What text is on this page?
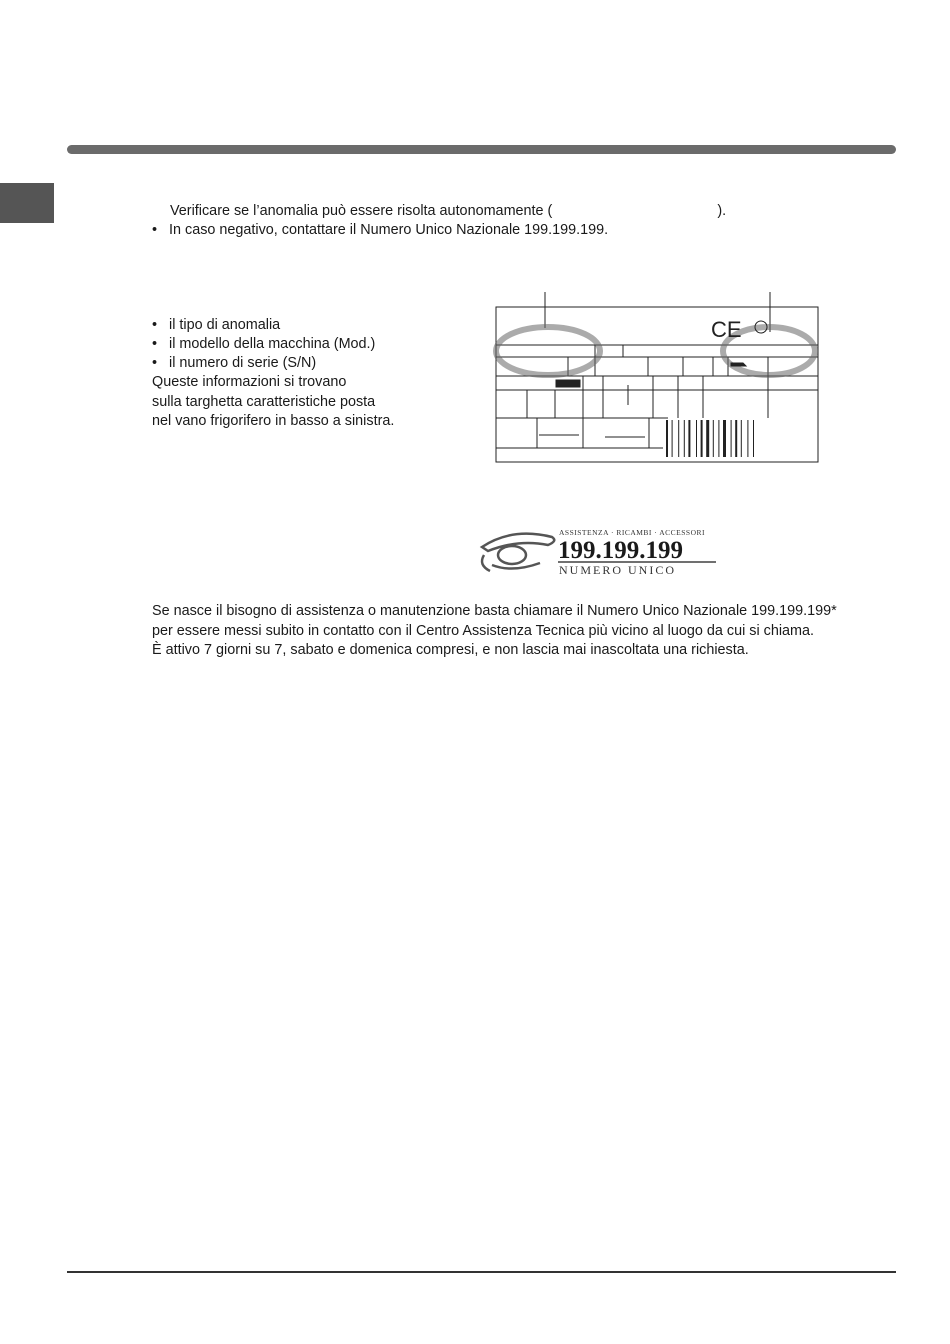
Verificare se l’anomalia può essere risolta autonomamente (	).
• In caso negativo, contattare il Numero Unico Nazionale 199.199.199.
• il tipo di anomalia
• il modello della macchina (Mod.)
• il numero di serie (S/N)
Queste informazioni si trovano
sulla targhetta caratteristiche posta
nel vano frigorifero in basso a sinistra.
CE
ASSISTENZA · RICAMBI · ACCESSORI
199.199.199
NUMERO UNICO
Se nasce il bisogno di assistenza o manutenzione basta chiamare il Numero Unico Nazionale 199.199.199*
per essere messi subito in contatto con il Centro Assistenza Tecnica più vicino al luogo da cui si chiama.
È attivo 7 giorni su 7, sabato e domenica compresi, e non lascia mai inascoltata una richiesta.
